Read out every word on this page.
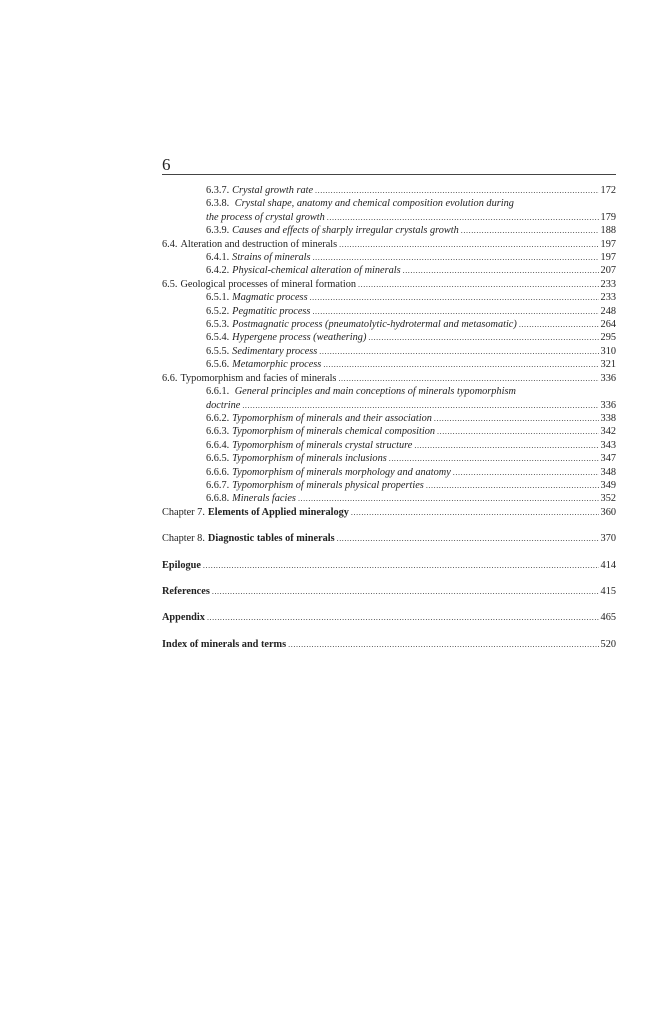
6
6.3.7. Crystal growth rate .....	172
6.3.8. Crystal shape, anatomy and chemical composition evolution during
the process of crystal growth .....	179
6.3.9. Causes and effects of sharply irregular crystals growth .....	188
6.4. Alteration and destruction of minerals .....	197
6.4.1. Strains of minerals .....	197
6.4.2. Physical-chemical alteration of minerals .....	207
6.5. Geological processes of mineral formation .....	233
6.5.1. Magmatic process .....	233
6.5.2. Pegmatitic process .....	248
6.5.3. Postmagnatic process (pneumatolytic-hydrotermal and metasomatic) .....	264
6.5.4. Hypergene process (weathering) .....	295
6.5.5. Sedimentary process .....	310
6.5.6. Metamorphic process .....	321
6.6. Typomorphism and facies of minerals .....	336
6.6.1. General principles and main conceptions of minerals typomorphism
doctrine .....	336
6.6.2. Typomorphism of minerals and their association .....	338
6.6.3. Typomorphism of minerals chemical composition .....	342
6.6.4. Typomorphism of minerals crystal structure .....	343
6.6.5. Typomorphism of minerals inclusions .....	347
6.6.6. Typomorphism of minerals morphology and anatomy .....	348
6.6.7. Typomorphism of minerals physical properties .....	349
6.6.8. Minerals facies .....	352
Chapter 7. Elements of Applied mineralogy .....	360
Chapter 8. Diagnostic tables of minerals .....	370
Epilogue .....	414
References .....	415
Appendix .....	465
Index of minerals and terms .....	520
